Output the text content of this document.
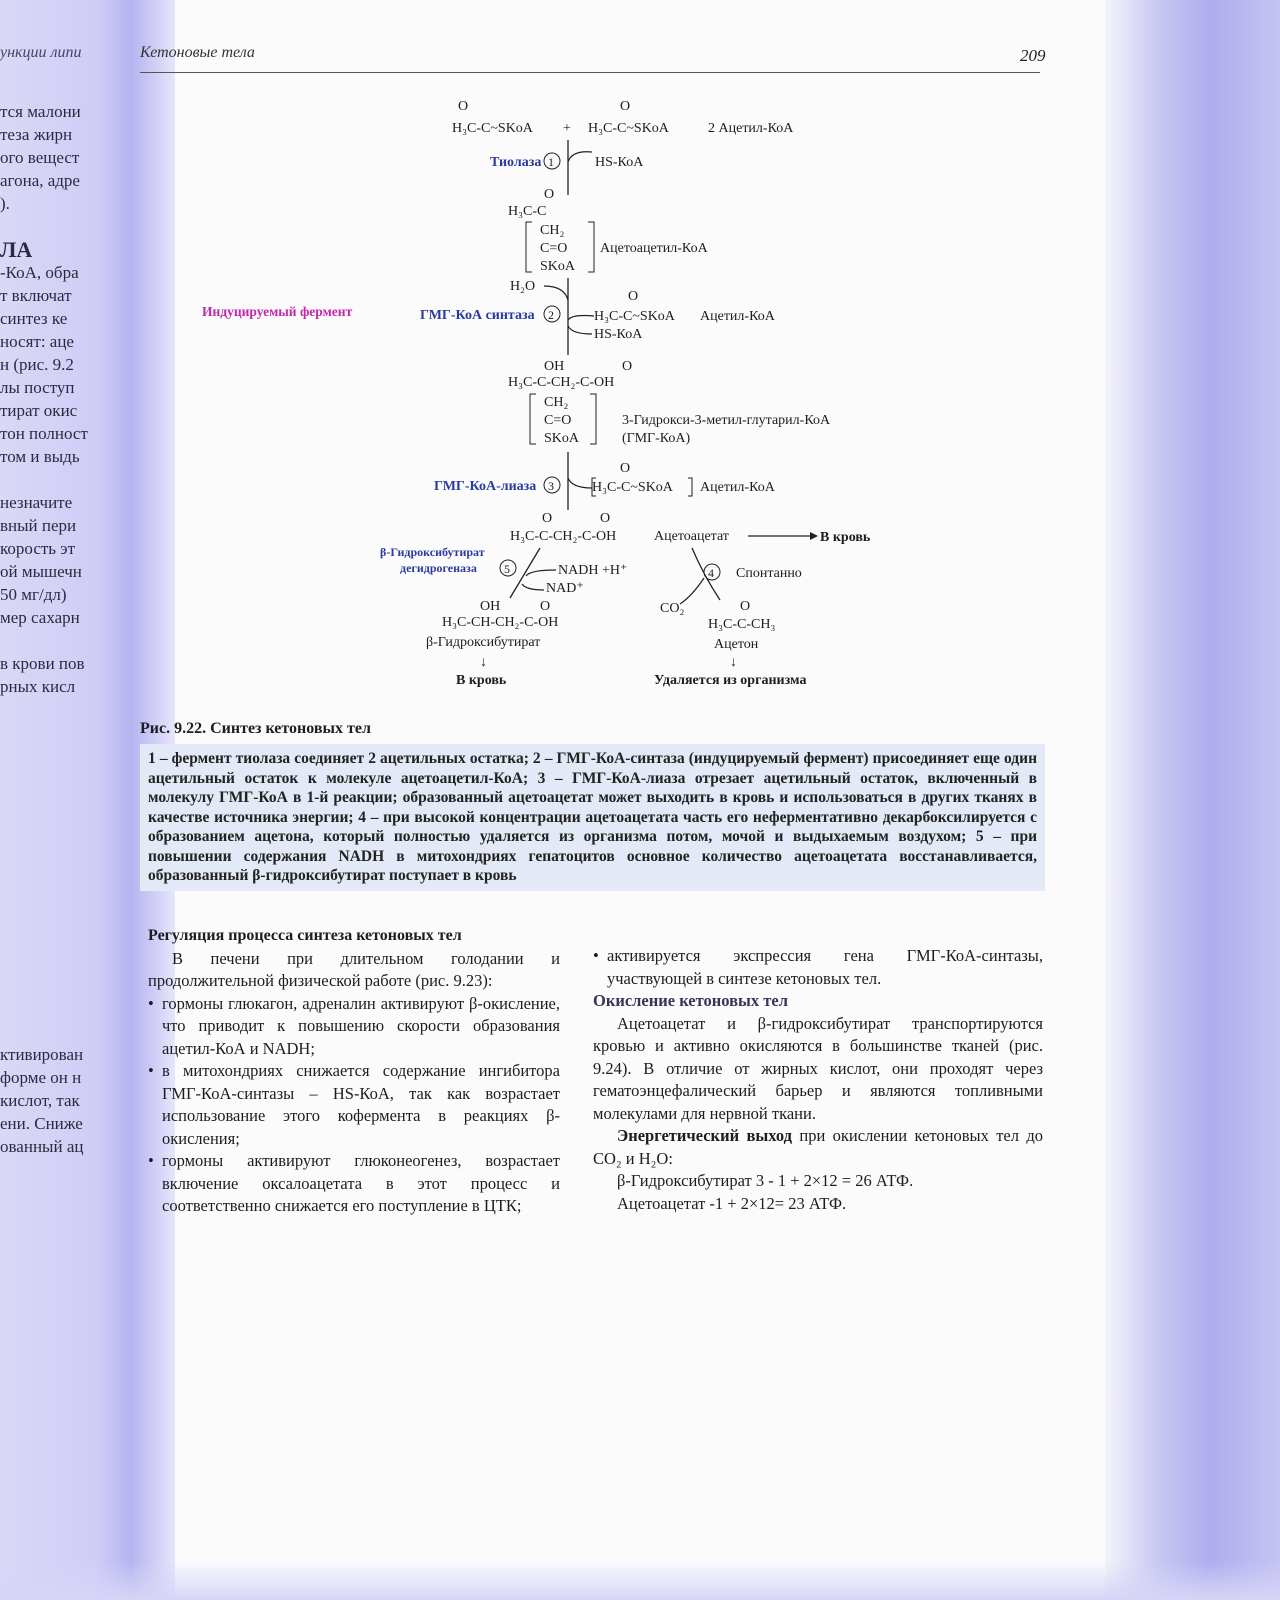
ункции липи
тся малони
теза жирн
ого вещест
агона, адре
).

ЛА
-КоА, обра
т включат
синтез ке
носят: аце
н (рис. 9.2
лы поступ
тират окис
тон полност
том и выдь

незначите
вный пери
корость эт
ой мышечн
50 мг/дл)
мер сахарн

в крови пов
рных кисл

ктивирован
форме он н
кислот, так
ени. Сниже
ованный ац
Кетоновые тела	209
O
H₃C-C~SKoA +
O
H₃C-C~SKoA	2 Ацетил-КоА
Тиолаза 1	HS-КоА
O
H₃C-C
CH₂
C=O
SKoA
Ацетоацетил-КоА
H₂O
Индуцируемый фермент	ГМГ-КоА синтаза 2
O
H₃C-C~SKoA Ацетил-КоА
HS-КоА
OH	O
H₃C-C-CH₂-C-OH
CH₂
C=O
SKoA
3-Гидрокси-3-метил-глутарил-КоА
(ГМГ-КоА)
ГМГ-КоА-лиаза 3
O
H₃C-C~SKoA Ацетил-КоА
O	O
H₃C-C-CH₂-C-OH	Ацетоацетат	В кровь
β-Гидроксибутират
дегидрогеназа 5	NADH +H⁺
NAD⁺
4 Спонтанно
CO₂
OH	O
H₃C-CH-CH₂-C-OH
β-Гидроксибутират
↓
В кровь
O
H₃C-C-CH₃
Ацетон
↓
Удаляется из организма
Рис. 9.22. Синтез кетоновых тел

1 – фермент тиолаза соединяет 2 ацетильных остатка; 2 – ГМГ-КоА-синтаза (индуцируемый фермент) присоединяет еще один ацетильный остаток к молекуле ацетоацетил-КоА; 3 – ГМГ-КоА-лиаза отрезает ацетильный остаток, включенный в молекулу ГМГ-КоА в 1-й реакции; образованный ацетоацетат может выходить в кровь и использоваться в других тканях в качестве источника энергии; 4 – при высокой концентрации ацетоацетата часть его неферментативно декарбоксилируется с образованием ацетона, который полностью удаляется из организма потом, мочой и выдыхаемым воздухом; 5 – при повышении содержания NADH в митохондриях гепатоцитов основное количество ацетоацетата восстанавливается, образованный β-гидроксибутират поступает в кровь

Регуляция процесса синтеза кетоновых тел

В печени при длительном голодании и продолжительной физической работе (рис. 9.23):

• гормоны глюкагон, адреналин активируют β-окисление, что приводит к повышению скорости образования ацетил-КоА и NADH;
• в митохондриях снижается содержание ингибитора ГМГ-КоА-синтазы – HS-КоА, так как возрастает использование этого кофермента в реакциях β-окисления;
• гормоны активируют глюконеогенез, возрастает включение оксалоацетата в этот процесс и соответственно снижается его поступление в ЦТК;
• активируется экспрессия гена ГМГ-КоА-синтазы, участвующей в синтезе кетоновых тел.

Окисление кетоновых тел

Ацетоацетат и β-гидроксибутират транспортируются кровью и активно окисляются в большинстве тканей (рис. 9.24). В отличие от жирных кислот, они проходят через гематоэнцефалический барьер и являются топливными молекулами для нервной ткани.

Энергетический выход при окислении кетоновых тел до CO₂ и H₂O:

β-Гидроксибутират 3 - 1 + 2×12 = 26 АТФ.

Ацетоацетат -1 + 2×12= 23 АТФ.
